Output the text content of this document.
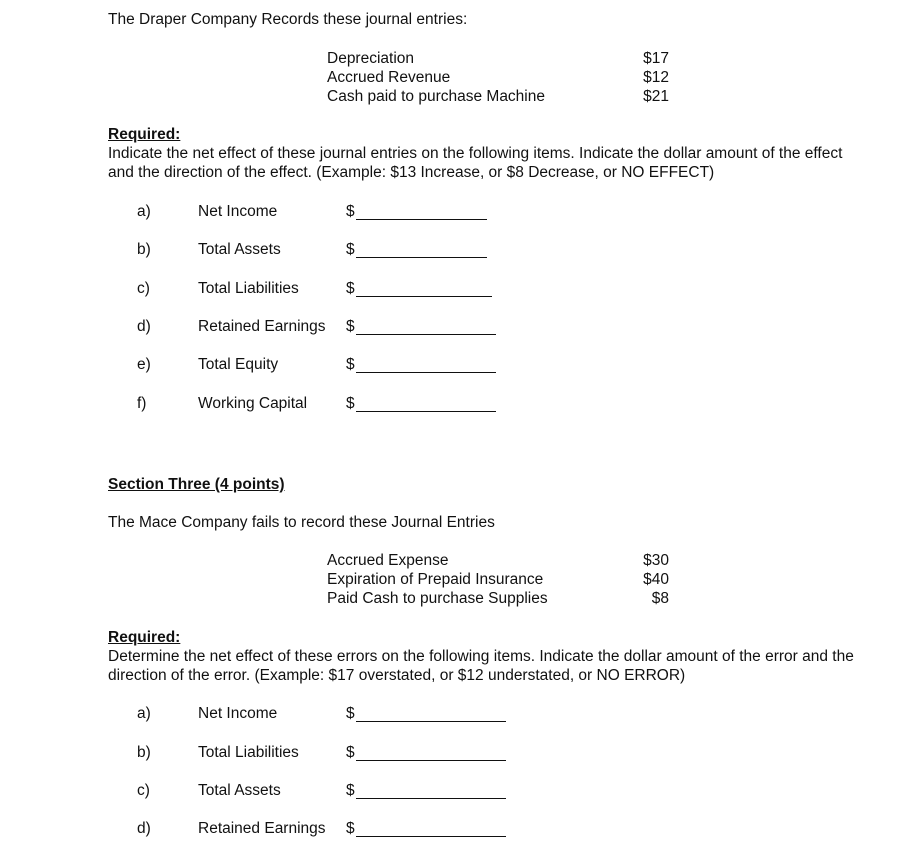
The Draper Company Records these journal entries:
Depreciation	$17
Accrued Revenue	$12
Cash paid to purchase Machine	$21
Required:
Indicate the net effect of these journal entries on the following items. Indicate the dollar amount of the effect and the direction of the effect. (Example: $13 Increase, or $8 Decrease, or NO EFFECT)
a)	Net Income	$
b)	Total Assets	$
c)	Total Liabilities	$
d)	Retained Earnings $
e)	Total Equity	$
f)	Working Capital	$
Section Three (4 points)
The Mace Company fails to record these Journal Entries
Accrued Expense	$30
Expiration of Prepaid Insurance	$40
Paid Cash to purchase Supplies	$8
Required:
Determine the net effect of these errors on the following items. Indicate the dollar amount of the error and the direction of the error. (Example: $17 overstated, or $12 understated, or NO ERROR)
a)	Net Income	$
b)	Total Liabilities	$
c)	Total Assets	$
d)	Retained Earnings $
